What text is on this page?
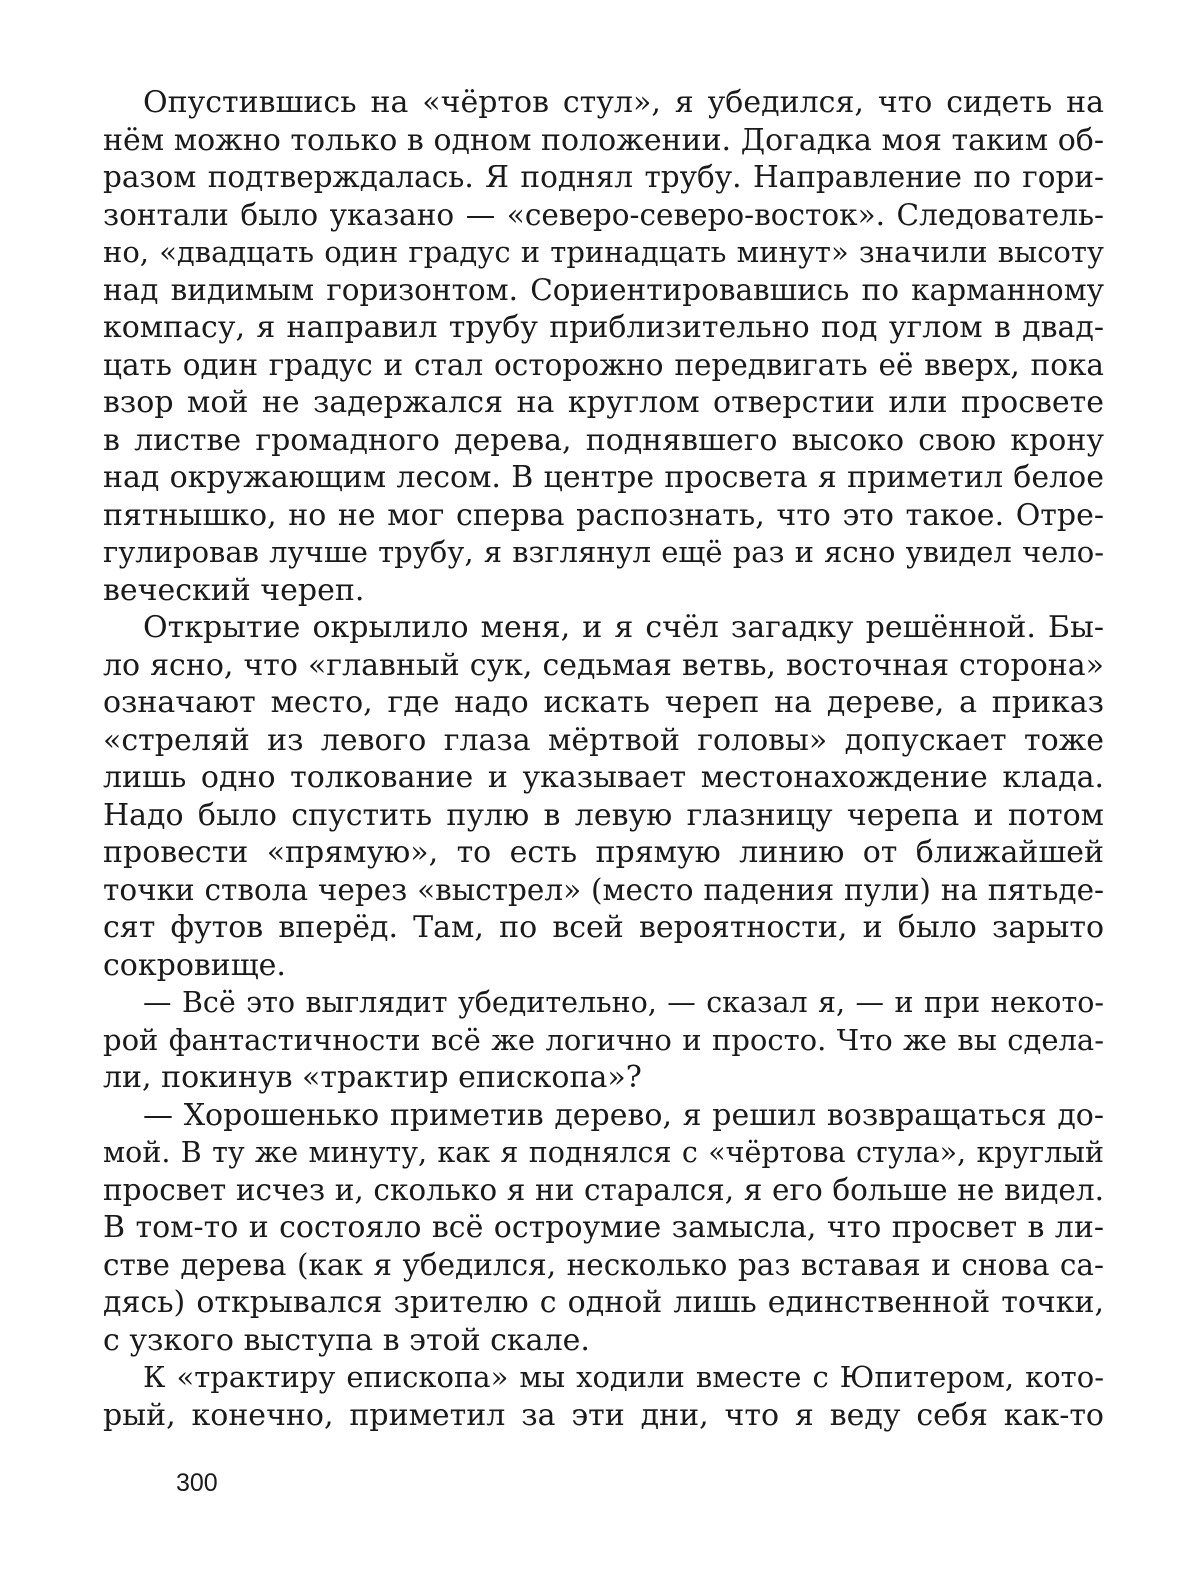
Опустившись на «чёртов стул», я убедился, что сидеть на
нём можно только в одном положении. Догадка моя таким об-
разом подтверждалась. Я поднял трубу. Направление по гори-
зонтали было указано — «северо-северо-восток». Следователь-
но, «двадцать один градус и тринадцать минут» значили высоту
над видимым горизонтом. Сориентировавшись по карманному
компасу, я направил трубу приблизительно под углом в двад-
цать один градус и стал осторожно передвигать её вверх, пока
взор мой не задержался на круглом отверстии или просвете
в листве громадного дерева, поднявшего высоко свою крону
над окружающим лесом. В центре просвета я приметил белое
пятнышко, но не мог сперва распознать, что это такое. Отре-
гулировав лучше трубу, я взглянул ещё раз и ясно увидел чело-
веческий череп.
Открытие окрылило меня, и я счёл загадку решённой. Бы-
ло ясно, что «главный сук, седьмая ветвь, восточная сторона»
означают место, где надо искать череп на дереве, а приказ
«стреляй из левого глаза мёртвой головы» допускает тоже
лишь одно толкование и указывает местонахождение клада.
Надо было спустить пулю в левую глазницу черепа и потом
провести «прямую», то есть прямую линию от ближайшей
точки ствола через «выстрел» (место падения пули) на пятьде-
сят футов вперёд. Там, по всей вероятности, и было зарыто
сокровище.
— Всё это выглядит убедительно, — сказал я, — и при некото-
рой фантастичности всё же логично и просто. Что же вы сдела-
ли, покинув «трактир епископа»?
— Хорошенько приметив дерево, я решил возвращаться до-
мой. В ту же минуту, как я поднялся с «чёртова стула», круглый
просвет исчез и, сколько я ни старался, я его больше не видел.
В том-то и состояло всё остроумие замысла, что просвет в ли-
стве дерева (как я убедился, несколько раз вставая и снова са-
дясь) открывался зрителю с одной лишь единственной точки,
с узкого выступа в этой скале.
К «трактиру епископа» мы ходили вместе с Юпитером, кото-
рый, конечно, приметил за эти дни, что я веду себя как-то
300
